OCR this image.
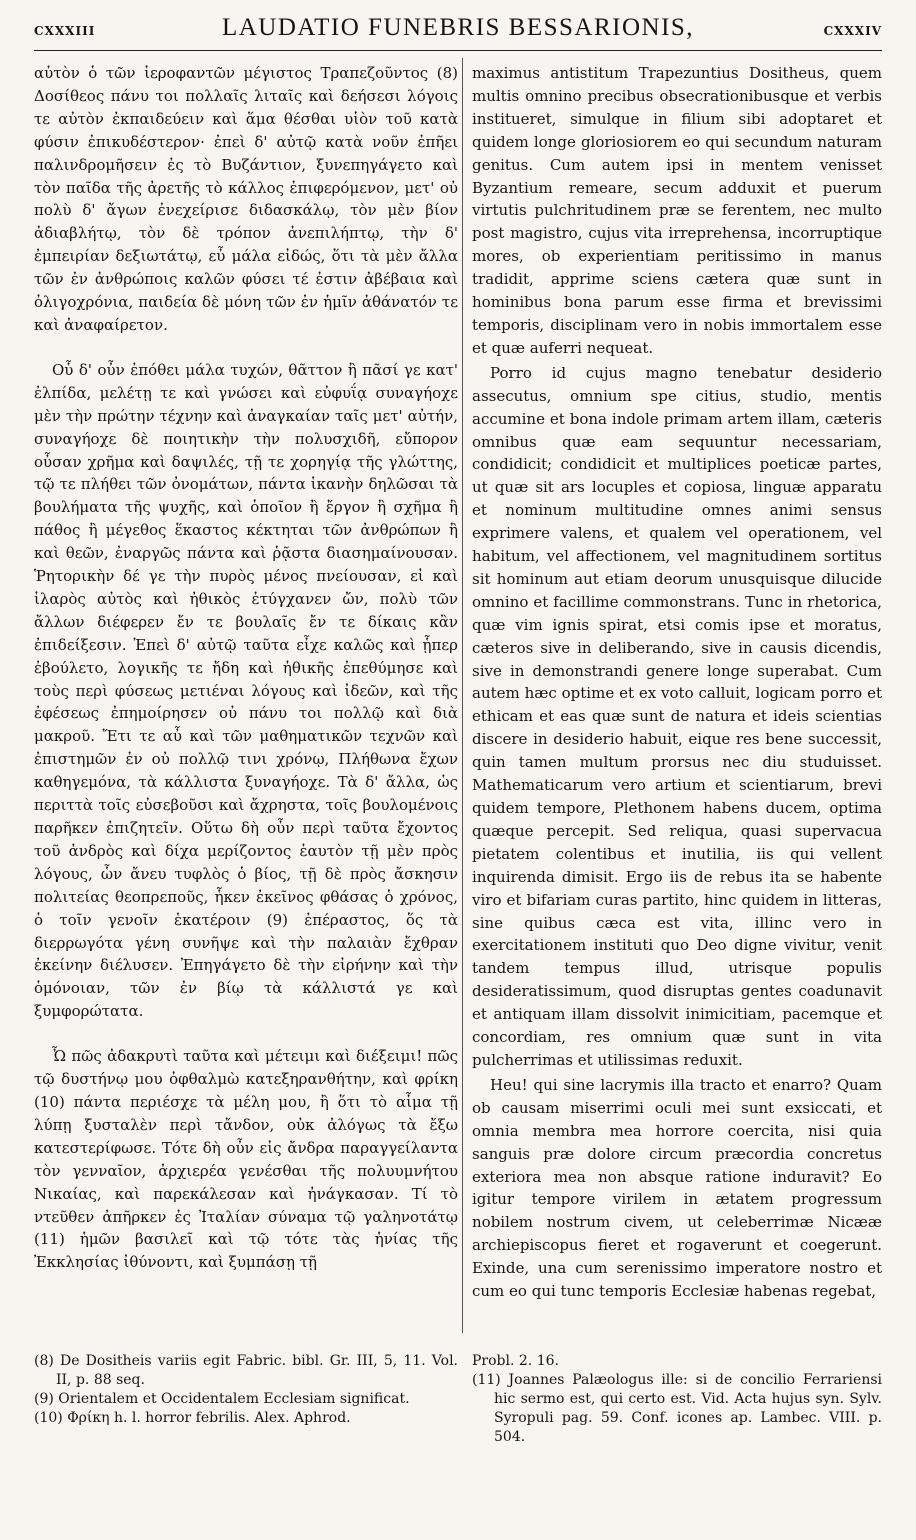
CXXXIII	LAUDATIO FUNEBRIS BESSARIONIS,	CXXXIV

αὐτὸν ὁ τῶν ἱεροφαντῶν μέγιστος Τραπεζοῦντος (8) Δοσίθεος πάνυ τοι πολλαῖς λιταῖς καὶ δεήσεσι λόγοις τε αὐτὸν ἐκπαιδεύειν καὶ ἅμα θέσθαι υἱὸν τοῦ κατὰ φύσιν ἐπικυδέστερον· ἐπεὶ δ' αὐτῷ κατὰ νοῦν ἐπῆει παλινδρομῆσειν ἐς τὸ Βυζάντιον, ξυνεπηγάγετο καὶ τὸν παῖδα τῆς ἀρετῆς τὸ κάλλος ἐπιφερόμενον, μετ' οὐ πολὺ δ' ἄγων ἐνεχείρισε διδασκάλῳ, τὸν μὲν βίον ἀδιαβλήτῳ, τὸν δὲ τρόπον ἀνεπιλήπτῳ, τὴν δ' ἐμπειρίαν δεξιωτάτῳ, εὖ μάλα εἰδώς, ὅτι τὰ μὲν ἄλλα τῶν ἐν ἀνθρώποις καλῶν φύσει τέ ἐστιν ἀβέβαια καὶ ὀλιγοχρόνια, παιδεία δὲ μόνη τῶν ἐν ἡμῖν ἀθάνατόν τε καὶ ἀναφαίρετον.

Οὗ δ' οὖν ἐπόθει μάλα τυχών, θᾶττον ἢ πᾶσί γε κατ' ἐλπίδα, μελέτῃ τε καὶ γνώσει καὶ εὐφυΐᾳ συναγήοχε μὲν τὴν πρώτην τέχνην καὶ ἀναγκαίαν ταῖς μετ' αὐτήν, συναγήοχε δὲ ποιητικὴν τὴν πολυσχιδῆ, εὔπορον οὖσαν χρῆμα καὶ δαψιλές, τῇ τε χορηγίᾳ τῆς γλώττης, τῷ τε πλήθει τῶν ὀνομάτων, πάντα ἱκανὴν δηλῶσαι τὰ βουλήματα τῆς ψυχῆς, καὶ ὁποῖον ἢ ἔργον ἢ σχῆμα ἢ πάθος ἢ μέγεθος ἕκαστος κέκτηται τῶν ἀνθρώπων ἢ καὶ θεῶν, ἐναργῶς πάντα καὶ ῥᾷστα διασημαίνουσαν. Ῥητορικὴν δέ γε τὴν πυρὸς μένος πνείουσαν, εἰ καὶ ἱλαρὸς αὐτὸς καὶ ἠθικὸς ἐτύγχανεν ὤν, πολὺ τῶν ἄλλων διέφερεν ἔν τε βουλαῖς ἔν τε δίκαις κἂν ἐπιδείξεσιν. Ἐπεὶ δ' αὐτῷ ταῦτα εἶχε καλῶς καὶ ᾗπερ ἐβούλετο, λογικῆς τε ἤδη καὶ ἠθικῆς ἐπεθύμησε καὶ τοὺς περὶ φύσεως μετιέναι λόγους καὶ ἰδεῶν, καὶ τῆς ἐφέσεως ἐπημοίρησεν οὐ πάνυ τοι πολλῷ καὶ διὰ μακροῦ. Ἔτι τε αὖ καὶ τῶν μαθηματικῶν τεχνῶν καὶ ἐπιστημῶν ἐν οὐ πολλῷ τινι χρόνῳ, Πλήθωνα ἔχων καθηγεμόνα, τὰ κάλλιστα ξυναγήοχε. Τὰ δ' ἄλλα, ὡς περιττὰ τοῖς εὐσεβοῦσι καὶ ἄχρηστα, τοῖς βουλομένοις παρῆκεν ἐπιζητεῖν. Οὕτω δὴ οὖν περὶ ταῦτα ἔχοντος τοῦ ἀνδρὸς καὶ δίχα μερίζοντος ἑαυτὸν τῇ μὲν πρὸς λόγους, ὧν ἄνευ τυφλὸς ὁ βίος, τῇ δὲ πρὸς ἄσκησιν πολιτείας θεοπρεποῦς, ἧκεν ἐκεῖνος φθάσας ὁ χρόνος, ὁ τοῖν γενοῖν ἑκατέροιν (9) ἐπέραστος, ὅς τὰ διερρωγότα γένη συνῆψε καὶ τὴν παλαιὰν ἔχθραν ἐκείνην διέλυσεν. Ἐπηγάγετο δὲ τὴν εἰρήνην καὶ τὴν ὁμόνοιαν, τῶν ἐν βίῳ τὰ κάλλιστά γε καὶ ξυμφορώτατα.

Ὦ πῶς ἀδακρυτὶ ταῦτα καὶ μέτειμι καὶ διέξειμι! πῶς τῷ δυστήνῳ μου ὀφθαλμὼ κατεξηρανθήτην, καὶ φρίκη (10) πάντα περιέσχε τὰ μέλη μου, ἢ ὅτι τὸ αἷμα τῇ λύπῃ ξυσταλὲν περὶ τἄνδον, οὐκ ἀλόγως τὰ ἔξω κατεστερίφωσε. Τότε δὴ οὖν εἰς ἄνδρα παραγγείλαντα τὸν γενναῖον, ἀρχιερέα γενέσθαι τῆς πολυυμνήτου Νικαίας, καὶ παρεκάλεσαν καὶ ἠνάγκασαν. Τί τὸ ντεῦθεν ἀπῆρκεν ἐς Ἰταλίαν σύναμα τῷ γαληνοτάτῳ (11) ἡμῶν βασιλεῖ καὶ τῷ τότε τὰς ἡνίας τῆς Ἐκκλησίας ἰθύνοντι, καὶ ξυμπάσῃ τῇ

maximus antistitum Trapezuntius Dositheus, quem multis omnino precibus obsecrationibusque et verbis institueret, simulque in filium sibi adoptaret et quidem longe gloriosiorem eo qui secundum naturam genitus. Cum autem ipsi in mentem venisset Byzantium remeare, secum adduxit et puerum virtutis pulchritudinem præ se ferentem, nec multo post magistro, cujus vita irreprehensa, incorruptique mores, ob experientiam peritissimo in manus tradidit, apprime sciens cætera quæ sunt in hominibus bona parum esse firma et brevissimi temporis, disciplinam vero in nobis immortalem esse et quæ auferri nequeat.

Porro id cujus magno tenebatur desiderio assecutus, omnium spe citius, studio, mentis accumine et bona indole primam artem illam, cæteris omnibus quæ eam sequuntur necessariam, condidicit; condidicit et multiplices poeticæ partes, ut quæ sit ars locuples et copiosa, linguæ apparatu et nominum multitudine omnes animi sensus exprimere valens, et qualem vel operationem, vel habitum, vel affectionem, vel magnitudinem sortitus sit hominum aut etiam deorum unusquisque dilucide omnino et facillime commonstrans. Tunc in rhetorica, quæ vim ignis spirat, etsi comis ipse et moratus, cæteros sive in deliberando, sive in causis dicendis, sive in demonstrandi genere longe superabat. Cum autem hæc optime et ex voto calluit, logicam porro et ethicam et eas quæ sunt de natura et ideis scientias discere in desiderio habuit, eique res bene successit, quin tamen multum prorsus nec diu studuisset. Mathematicarum vero artium et scientiarum, brevi quidem tempore, Plethonem habens ducem, optima quæque percepit. Sed reliqua, quasi supervacua pietatem colentibus et inutilia, iis qui vellent inquirenda dimisit. Ergo iis de rebus ita se habente viro et bifariam curas partito, hinc quidem in litteras, sine quibus cæca est vita, illinc vero in exercitationem instituti quo Deo digne vivitur, venit tandem tempus illud, utrisque populis desideratissimum, quod disruptas gentes coadunavit et antiquam illam dissolvit inimicitiam, pacemque et concordiam, res omnium quæ sunt in vita pulcherrimas et utilissimas reduxit.

Heu! qui sine lacrymis illa tracto et enarro? Quam ob causam miserrimi oculi mei sunt exsiccati, et omnia membra mea horrore coercita, nisi quia sanguis præ dolore circum præcordia concretus exteriora mea non absque ratione induravit? Eo igitur tempore virilem in ætatem progressum nobilem nostrum civem, ut celeberrimæ Nicææ archiepiscopus fieret et rogaverunt et coegerunt. Exinde, una cum serenissimo imperatore nostro et cum eo qui tunc temporis Ecclesiæ habenas regebat,

(8) De Dositheis variis egit Fabric. bibl. Gr. III, 5, 11. Vol. II, p. 88 seq.

(9) Orientalem et Occidentalem Ecclesiam significat.

(10) Φρίκη h. l. horror febrilis. Alex. Aphrod.

Probl. 2. 16.

(11) Joannes Palæologus ille: si de concilio Ferrariensi hic sermo est, qui certo est. Vid. Acta hujus syn. Sylv. Syropuli pag. 59. Conf. icones ap. Lambec. VIII. p. 504.
